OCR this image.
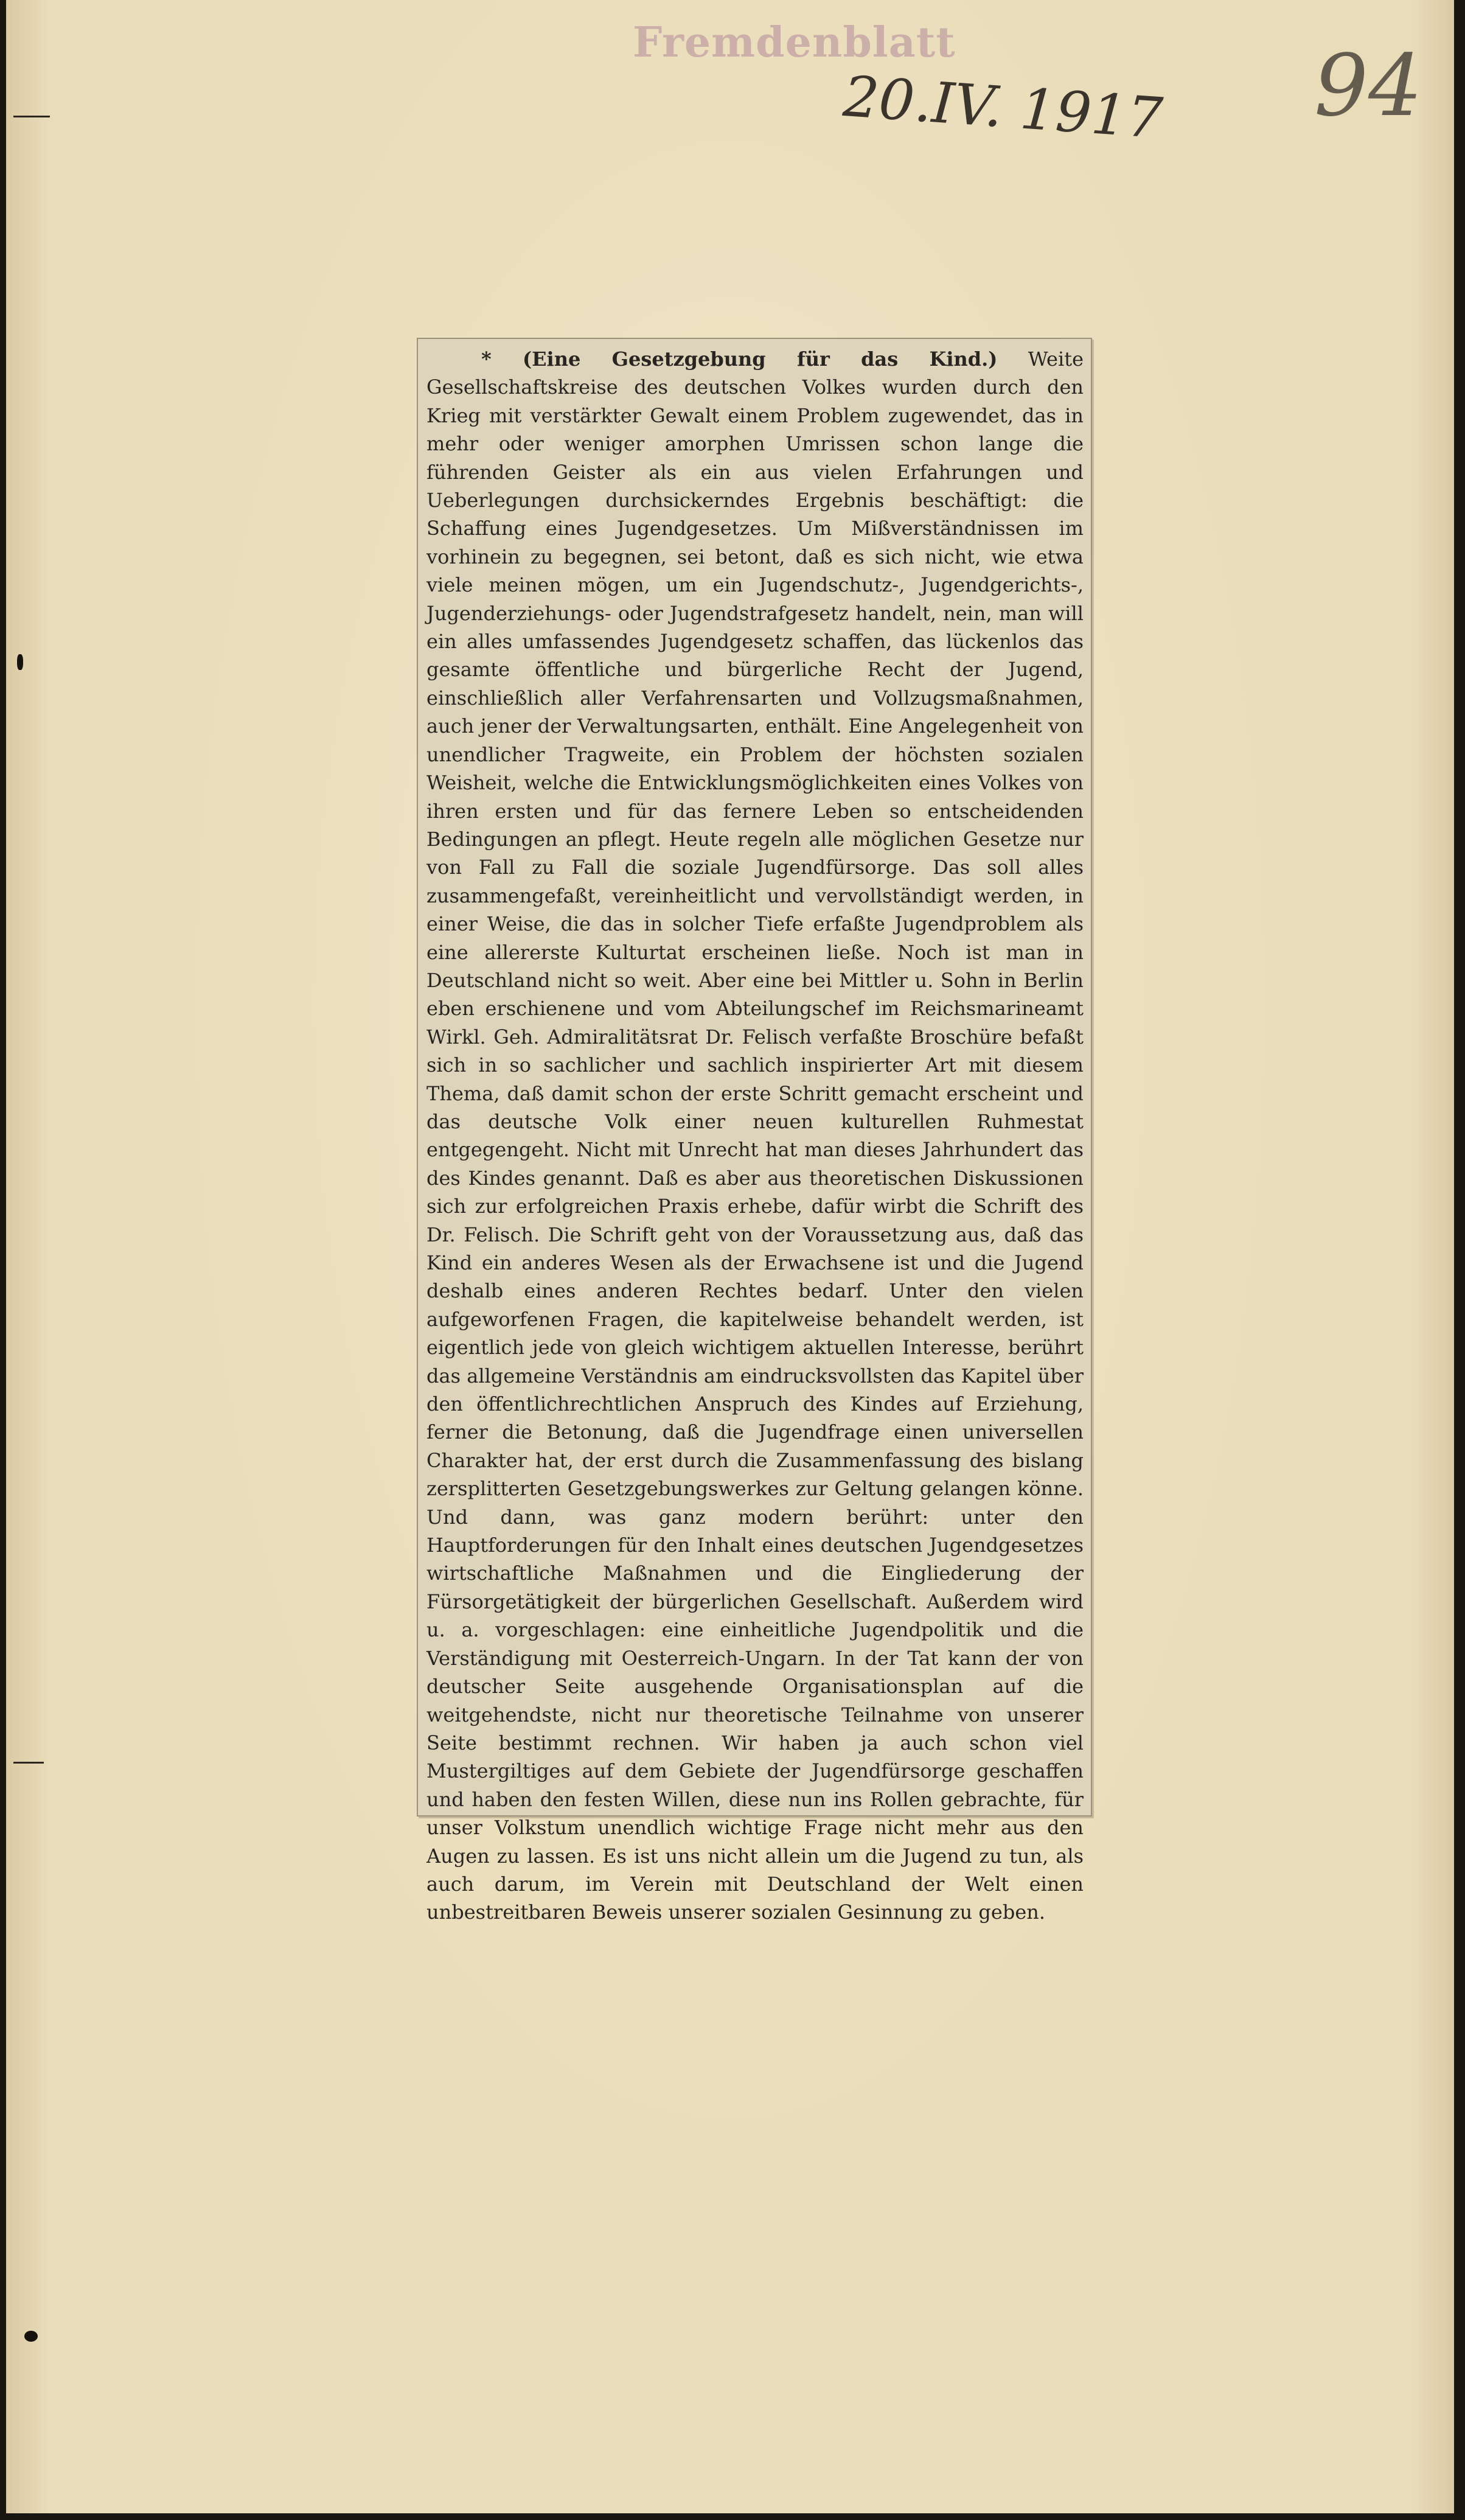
Fremdenblatt
20.IV. 1917 94

* (Eine Gesetzgebung für das Kind.) Weite Gesellschaftskreise des deutschen Volkes wurden durch den Krieg mit verstärkter Gewalt einem Problem zugewendet, das in mehr oder weniger amorphen Umrissen schon lange die führenden Geister als ein aus vielen Erfahrungen und Ueberlegungen durchsickerndes Ergebnis beschäftigt: die Schaffung eines Jugendgesetzes. Um Mißverständnissen im vorhinein zu begegnen, sei betont, daß es sich nicht, wie etwa viele meinen mögen, um ein Jugendschutz-, Jugendgerichts-, Jugenderziehungs- oder Jugendstrafgesetz handelt, nein, man will ein alles umfassendes Jugendgesetz schaffen, das lückenlos das gesamte öffentliche und bürgerliche Recht der Jugend, einschließlich aller Verfahrensarten und Vollzugsmaßnahmen, auch jener der Verwaltungsarten, enthält. Eine Angelegenheit von unendlicher Tragweite, ein Problem der höchsten sozialen Weisheit, welche die Entwicklungsmöglichkeiten eines Volkes von ihren ersten und für das fernere Leben so entscheidenden Bedingungen an pflegt. Heute regeln alle möglichen Gesetze nur von Fall zu Fall die soziale Jugendfürsorge. Das soll alles zusammengefaßt, vereinheitlicht und vervollständigt werden, in einer Weise, die das in solcher Tiefe erfaßte Jugendproblem als eine allererste Kulturtat erscheinen ließe. Noch ist man in Deutschland nicht so weit. Aber eine bei Mittler u. Sohn in Berlin eben erschienene und vom Abteilungschef im Reichsmarineamt Wirkl. Geh. Admiralitätsrat Dr. Felisch verfaßte Broschüre befaßt sich in so sachlicher und sachlich inspirierter Art mit diesem Thema, daß damit schon der erste Schritt gemacht erscheint und das deutsche Volk einer neuen kulturellen Ruhmestat entgegengeht. Nicht mit Unrecht hat man dieses Jahrhundert das des Kindes genannt. Daß es aber aus theoretischen Diskussionen sich zur erfolgreichen Praxis erhebe, dafür wirbt die Schrift des Dr. Felisch. Die Schrift geht von der Voraussetzung aus, daß das Kind ein anderes Wesen als der Erwachsene ist und die Jugend deshalb eines anderen Rechtes bedarf. Unter den vielen aufgeworfenen Fragen, die kapitelweise behandelt werden, ist eigentlich jede von gleich wichtigem aktuellen Interesse, berührt das allgemeine Verständnis am eindrucksvollsten das Kapitel über den öffentlichrechtlichen Anspruch des Kindes auf Erziehung, ferner die Betonung, daß die Jugendfrage einen universellen Charakter hat, der erst durch die Zusammenfassung des bislang zersplitterten Gesetzgebungswerkes zur Geltung gelangen könne. Und dann, was ganz modern berührt: unter den Hauptforderungen für den Inhalt eines deutschen Jugendgesetzes wirtschaftliche Maßnahmen und die Eingliederung der Fürsorgetätigkeit der bürgerlichen Gesellschaft. Außerdem wird u. a. vorgeschlagen: eine einheitliche Jugendpolitik und die Verständigung mit Oesterreich-Ungarn. In der Tat kann der von deutscher Seite ausgehende Organisationsplan auf die weitgehendste, nicht nur theoretische Teilnahme von unserer Seite bestimmt rechnen. Wir haben ja auch schon viel Mustergiltiges auf dem Gebiete der Jugendfürsorge geschaffen und haben den festen Willen, diese nun ins Rollen gebrachte, für unser Volkstum unendlich wichtige Frage nicht mehr aus den Augen zu lassen. Es ist uns nicht allein um die Jugend zu tun, als auch darum, im Verein mit Deutschland der Welt einen unbestreitbaren Beweis unserer sozialen Gesinnung zu geben.
